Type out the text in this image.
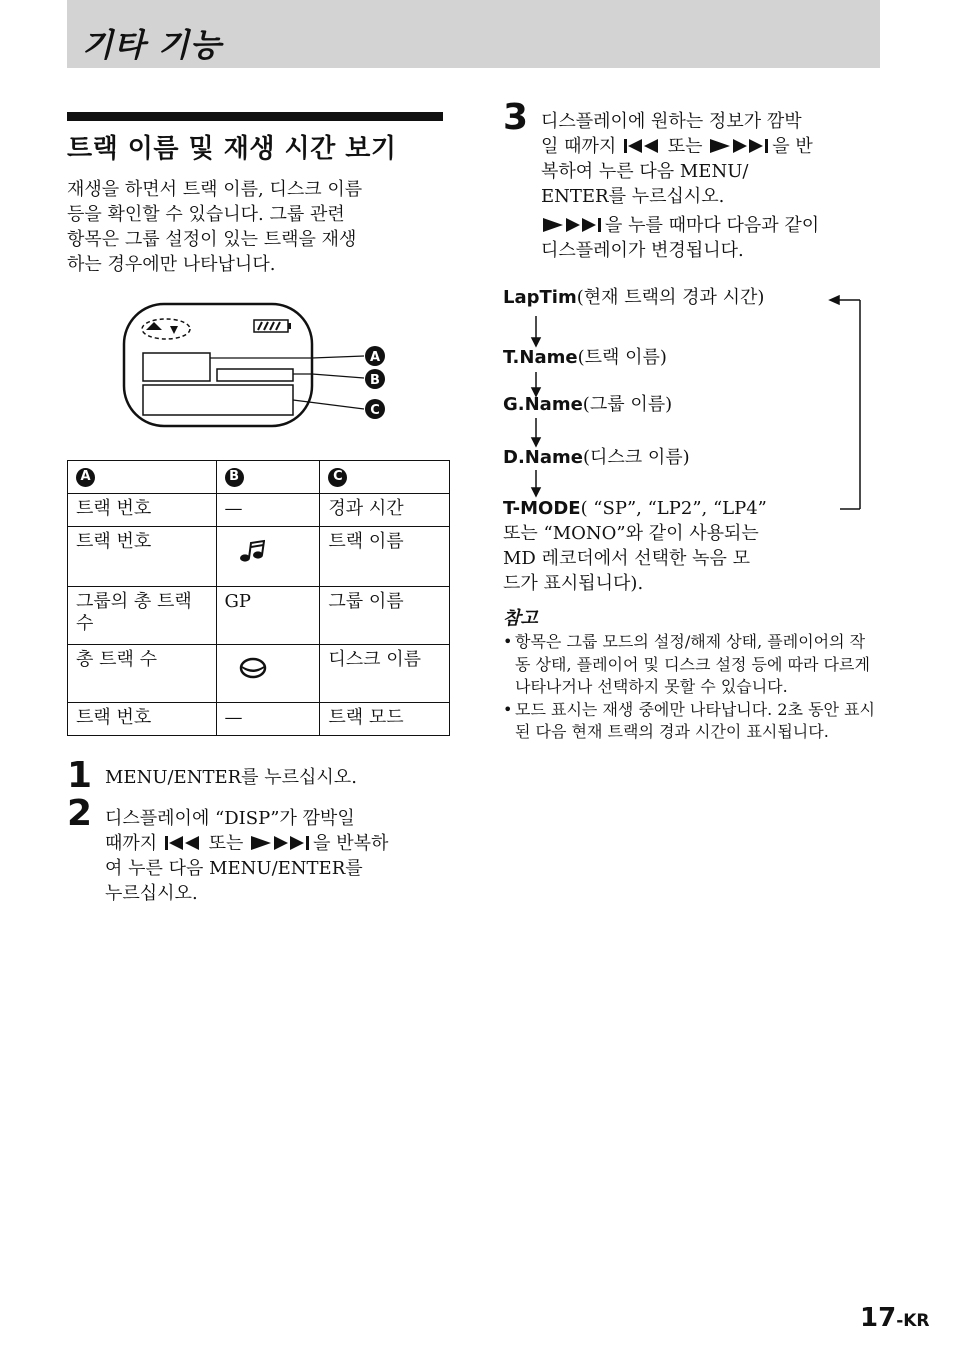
기타 기능
트랙 이름 및 재생 시간 보기

재생을 하면서 트랙 이름, 디스크 이름
등을 확인할 수 있습니다. 그룹 관련
항목은 그룹 설정이 있는 트랙을 재생
하는 경우에만 나타납니다.

A
B
C
A	B	C
트랙 번호	—	경과 시간
트랙 번호		트랙 이름
그룹의 총 트랙 수	GP	그룹 이름
총 트랙 수		디스크 이름
트랙 번호	—	트랙 모드
1 MENU/ENTER를 누르십시오.

2 디스플레이에 “DISP”가 깜박일
때까지	또는	을 반복하
여 누른 다음 MENU/ENTER를
누르십시오.
3 디스플레이에 원하는 정보가 깜박
일 때까지	또는	을 반
복하여 누른 다음 MENU/
ENTER를 누르십시오.
을 누를 때마다 다음과 같이
디스플레이가 변경됩니다.
LapTim(현재 트랙의 경과 시간)
T.Name(트랙 이름)
G.Name(그룹 이름)
D.Name(디스크 이름)
T-MODE( “SP”, “LP2”, “LP4”
또는 “MONO”와 같이 사용되는
MD 레코더에서 선택한 녹음 모
드가 표시됩니다).
참고
• 항목은 그룹 모드의 설정/해제 상태, 플레이어의 작동 상태, 플레이어 및 디스크 설정 등에 따라 다르게 나타나거나 선택하지 못할 수 있습니다.
• 모드 표시는 재생 중에만 나타납니다. 2초 동안 표시된 다음 현재 트랙의 경과 시간이 표시됩니다.
17-KR
